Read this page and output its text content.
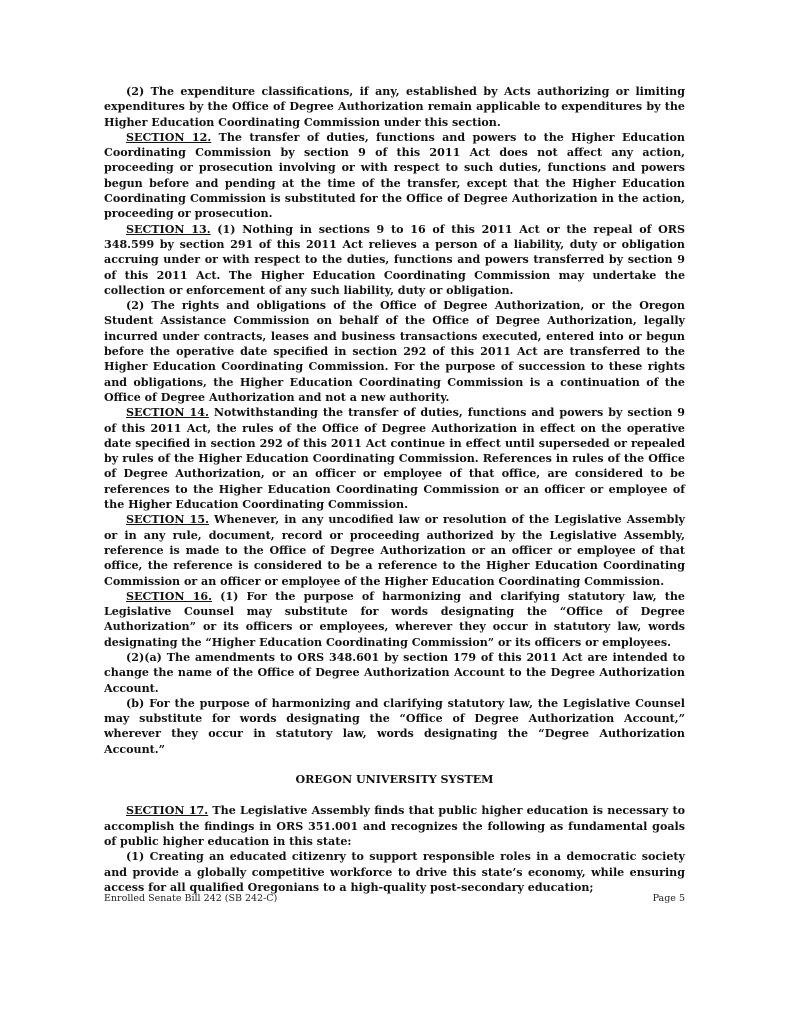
(2) The expenditure classifications, if any, established by Acts authorizing or limiting expenditures by the Office of Degree Authorization remain applicable to expenditures by the Higher Education Coordinating Commission under this section.

SECTION 12. The transfer of duties, functions and powers to the Higher Education Coordinating Commission by section 9 of this 2011 Act does not affect any action, proceeding or prosecution involving or with respect to such duties, functions and powers begun before and pending at the time of the transfer, except that the Higher Education Coordinating Commission is substituted for the Office of Degree Authorization in the action, proceeding or prosecution.

SECTION 13. (1) Nothing in sections 9 to 16 of this 2011 Act or the repeal of ORS 348.599 by section 291 of this 2011 Act relieves a person of a liability, duty or obligation accruing under or with respect to the duties, functions and powers transferred by section 9 of this 2011 Act. The Higher Education Coordinating Commission may undertake the collection or enforcement of any such liability, duty or obligation.

(2) The rights and obligations of the Office of Degree Authorization, or the Oregon Student Assistance Commission on behalf of the Office of Degree Authorization, legally incurred under contracts, leases and business transactions executed, entered into or begun before the operative date specified in section 292 of this 2011 Act are transferred to the Higher Education Coordinating Commission. For the purpose of succession to these rights and obligations, the Higher Education Coordinating Commission is a continuation of the Office of Degree Authorization and not a new authority.

SECTION 14. Notwithstanding the transfer of duties, functions and powers by section 9 of this 2011 Act, the rules of the Office of Degree Authorization in effect on the operative date specified in section 292 of this 2011 Act continue in effect until superseded or repealed by rules of the Higher Education Coordinating Commission. References in rules of the Office of Degree Authorization, or an officer or employee of that office, are considered to be references to the Higher Education Coordinating Commission or an officer or employee of the Higher Education Coordinating Commission.

SECTION 15. Whenever, in any uncodified law or resolution of the Legislative Assembly or in any rule, document, record or proceeding authorized by the Legislative Assembly, reference is made to the Office of Degree Authorization or an officer or employee of that office, the reference is considered to be a reference to the Higher Education Coordinating Commission or an officer or employee of the Higher Education Coordinating Commission.

SECTION 16. (1) For the purpose of harmonizing and clarifying statutory law, the Legislative Counsel may substitute for words designating the “Office of Degree Authorization” or its officers or employees, wherever they occur in statutory law, words designating the “Higher Education Coordinating Commission” or its officers or employees.

(2)(a) The amendments to ORS 348.601 by section 179 of this 2011 Act are intended to change the name of the Office of Degree Authorization Account to the Degree Authorization Account.

(b) For the purpose of harmonizing and clarifying statutory law, the Legislative Counsel may substitute for words designating the “Office of Degree Authorization Account,” wherever they occur in statutory law, words designating the “Degree Authorization Account.”

OREGON UNIVERSITY SYSTEM

SECTION 17. The Legislative Assembly finds that public higher education is necessary to accomplish the findings in ORS 351.001 and recognizes the following as fundamental goals of public higher education in this state:

(1) Creating an educated citizenry to support responsible roles in a democratic society and provide a globally competitive workforce to drive this state’s economy, while ensuring access for all qualified Oregonians to a high-quality post-secondary education;

Enrolled Senate Bill 242 (SB 242-C)	Page 5
